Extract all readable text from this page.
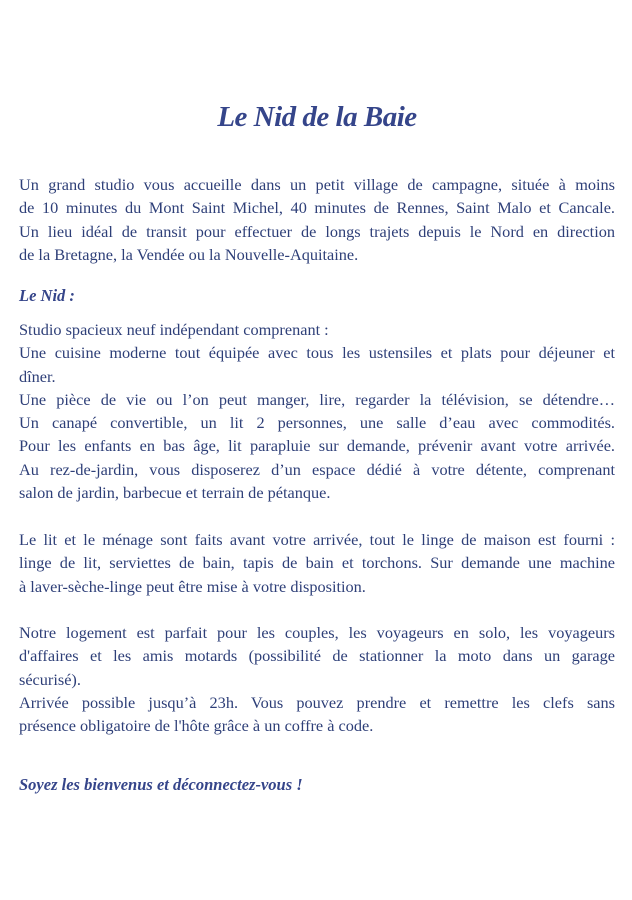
Le Nid de la Baie
Un grand studio vous accueille dans un petit village de campagne, située à moins
de 10 minutes du Mont Saint Michel, 40 minutes de Rennes, Saint Malo et Cancale.
Un lieu idéal de transit pour effectuer de longs trajets depuis le Nord en direction
de la Bretagne, la Vendée ou la Nouvelle-Aquitaine.
Le Nid :
Studio spacieux neuf indépendant comprenant :
Une cuisine moderne tout équipée avec tous les ustensiles et plats pour déjeuner et
dîner.
Une pièce de vie ou l’on peut manger, lire, regarder la télévision, se détendre…
Un canapé convertible, un lit 2 personnes, une salle d’eau avec commodités.
Pour les enfants en bas âge, lit parapluie sur demande, prévenir avant votre arrivée.
Au rez-de-jardin, vous disposerez d’un espace dédié à votre détente, comprenant
salon de jardin, barbecue et terrain de pétanque.
Le lit et le ménage sont faits avant votre arrivée, tout le linge de maison est fourni :
linge de lit, serviettes de bain, tapis de bain et torchons. Sur demande une machine
à laver-sèche-linge peut être mise à votre disposition.
Notre logement est parfait pour les couples, les voyageurs en solo, les voyageurs
d'affaires et les amis motards (possibilité de stationner la moto dans un garage
sécurisé).
Arrivée possible jusqu’à 23h. Vous pouvez prendre et remettre les clefs sans
présence obligatoire de l'hôte grâce à un coffre à code.

Soyez les bienvenus et déconnectez-vous !
